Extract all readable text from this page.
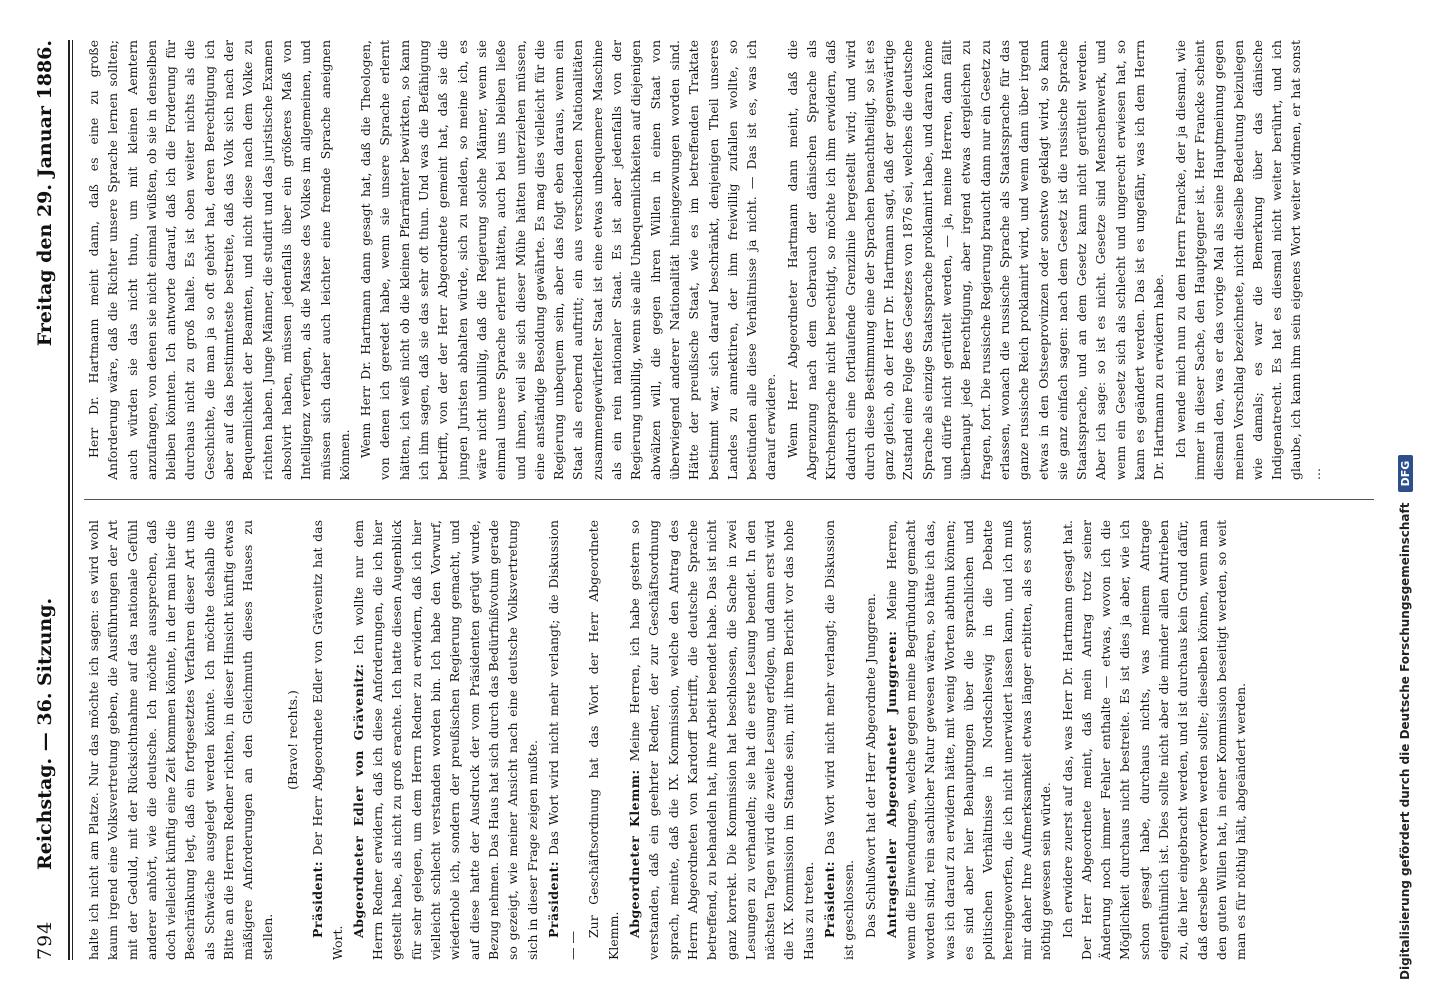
794
Reichstag. — 36. Sitzung.
Freitag den 29. Januar 1886.

halte ich nicht am Platze. Nur das möchte ich sagen: es wird wohl kaum irgend eine Volksvertretung geben, die Ausführungen der Art mit der Geduld, mit der Rücksichtnahme auf das nationale Gefühl anderer anhört, wie die deutsche. Ich möchte aussprechen, daß doch vielleicht künftig eine Zeit kommen könnte, in der man hier die Beschränkung legt, daß ein fortgesetztes Verfahren dieser Art uns als Schwäche ausgelegt werden könnte. Ich möchte deshalb die Bitte an die Herren Redner richten, in dieser Hinsicht künftig etwas mäßigere Anforderungen an den Gleichmuth dieses Hauses zu stellen.

(Bravo! rechts.)

Präsident: Der Herr Abgeordnete Edler von Grävenitz hat das Wort.

Abgeordneter Edler von Grävenitz: Ich wollte nur dem Herrn Redner erwidern, daß ich diese Anforderungen, die ich hier gestellt habe, als nicht zu groß erachte. Ich hatte diesen Augenblick für sehr gelegen, um dem Herrn Redner zu erwidern, daß ich hier vielleicht schlecht verstanden worden bin. Ich habe den Vorwurf, wiederhole ich, sondern der preußischen Regierung gemacht, und auf diese hatte der Ausdruck der vom Präsidenten gerügt wurde, Bezug nehmen. Das Haus hat sich durch das Bedürfnißvotum gerade so gezeigt, wie meiner Ansicht nach eine deutsche Volksvertretung sich in dieser Frage zeigen mußte. Präsident: Das Wort wird nicht mehr verlangt; die Diskussion — —

Zur Geschäftsordnung hat das Wort der Herr Abgeordnete Klemm. Abgeordneter Klemm: Meine Herren, ich habe gestern so verstanden, daß ein geehrter Redner, der zur Geschäftsordnung sprach, meinte, daß die IX. Kommission, welche den Antrag des Herrn Abgeordneten von Kardorff betrifft, die deutsche Sprache betreffend, zu behandeln hat, ihre Arbeit beendet habe. Das ist nicht ganz korrekt. Die Kommission hat beschlossen, die Sache in zwei Lesungen zu verhandeln; sie hat die erste Lesung beendet. In den nächsten Tagen wird die zweite Lesung erfolgen, und dann erst wird die IX. Kommission im Stande sein, mit ihrem Bericht vor das hohe Haus zu treten. Präsident: Das Wort wird nicht mehr verlangt; die Diskussion ist geschlossen. Das Schlußwort hat der Herr Abgeordnete Junggreen. Antragsteller Abgeordneter Junggreen: Meine Herren, wenn die Einwendungen, welche gegen meine Begründung gemacht worden sind, rein sachlicher Natur gewesen wären, so hätte ich das, was ich darauf zu erwidern hätte, mit wenig Worten abthun können; es sind aber hier Behauptungen über die sprachlichen und politischen Verhältnisse in Nordschleswig in die Debatte hereingeworfen, die ich nicht unerwidert lassen kann, und ich muß mir daher Ihre Aufmerksamkeit etwas länger erbitten, als es sonst nöthig gewesen sein würde. Ich erwidere zuerst auf das, was Herr Dr. Hartmann gesagt hat. Der Herr Abgeordnete meint, daß mein Antrag trotz seiner Änderung noch immer Fehler enthalte — etwas, wovon ich die Möglichkeit durchaus nicht bestreite. Es ist dies ja aber, wie ich schon gesagt habe, durchaus nichts, was meinem Antrage eigenthümlich ist. Dies sollte nicht aber die minder allen Antrieben zu, die hier eingebracht werden, und ist durchaus kein Grund dafür, daß derselbe verworfen werden sollte; dieselben können, wenn man den guten Willen hat, in einer Kommission beseitigt werden, so weit man es für nöthig hält, abgeändert werden.

Herr Dr. Hartmann meint dann, daß es eine zu große Anforderung wäre, daß die Richter unsere Sprache lernen sollten; auch würden sie das nicht thun, um mit kleinen Aemtern anzufangen, von denen sie nicht einmal wüßten, ob sie in denselben bleiben könnten. Ich antworte darauf, daß ich die Forderung für durchaus nicht zu groß halte. Es ist oben weiter nichts als die Geschichte, die man ja so oft gehört hat, deren Berechtigung ich aber auf das bestimmteste bestreite, daß das Volk sich nach der Bequemlichkeit der Beamten, und nicht diese nach dem Volke zu richten haben. Junge Männer, die studirt und das juristische Examen absolvirt haben, müssen jedenfalls über ein größeres Maß von Intelligenz verfügen, als die Masse des Volkes im allgemeinen, und müssen sich daher auch leichter eine fremde Sprache aneignen können. Wenn Herr Dr. Hartmann dann gesagt hat, daß die Theologen, von denen ich geredet habe, wenn sie unsere Sprache erlernt hätten, ich weiß nicht ob die kleinen Pfarrämter bewirkten, so kann ich ihm sagen, daß sie das sehr oft thun. Und was die Befähigung betrifft, von der der Herr Abgeordnete gemeint hat, daß sie die jungen Juristen abhalten würde, sich zu melden, so meine ich, es wäre nicht unbillig, daß die Regierung solche Männer, wenn sie einmal unsere Sprache erlernt hätten, auch bei uns bleiben ließe und ihnen, weil sie sich dieser Mühe hätten unterziehen müssen, eine anständige Besoldung gewährte. Es mag dies vielleicht für die Regierung unbequem sein, aber das folgt eben daraus, wenn ein Staat als erobernd auftritt; ein aus verschiedenen Nationalitäten zusammengewürfelter Staat ist eine etwas unbequemere Maschine als ein rein nationaler Staat. Es ist aber jedenfalls von der Regierung unbillig, wenn sie alle Unbequemlichkeiten auf diejenigen abwälzen will, die gegen ihren Willen in einen Staat von überwiegend anderer Nationalität hineingezwungen worden sind. Hätte der preußische Staat, wie es im betreffenden Traktate bestimmt war, sich darauf beschränkt, denjenigen Theil unseres Landes zu annektiren, der ihm freiwillig zufallen wollte, so bestünden alle diese Verhältnisse ja nicht. — Das ist es, was ich darauf erwidere. Wenn Herr Abgeordneter Hartmann dann meint, daß die Abgrenzung nach dem Gebrauch der dänischen Sprache als Kirchensprache nicht berechtigt, so möchte ich ihm erwidern, daß dadurch eine fortlaufende Grenzlinie hergestellt wird; und wird durch diese Bestimmung eine der Sprachen benachtheiligt, so ist es ganz gleich, ob der Herr Dr. Hartmann sagt, daß der gegenwärtige Zustand eine Folge des Gesetzes von 1876 sei, welches die deutsche Sprache als einzige Staatssprache proklamirt habe, und daran könne und dürfe nicht gerüttelt werden, — ja, meine Herren, dann fällt überhaupt jede Berechtigung, aber irgend etwas dergleichen zu fragen, fort. Die russische Regierung braucht dann nur ein Gesetz zu erlassen, wonach die russische Sprache als Staatssprache für das ganze russische Reich proklamirt wird, und wenn dann über irgend etwas in den Ostseeprovinzen oder sonstwo geklagt wird, so kann sie ganz einfach sagen: nach dem Gesetz ist die russische Sprache Staatssprache, und an dem Gesetz kann nicht gerüttelt werden. Aber ich sage: so ist es nicht. Gesetze sind Menschenwerk, und wenn ein Gesetz sich als schlecht und ungerecht erwiesen hat, so kann es geändert werden. Das ist es ungefähr, was ich dem Herrn Dr. Hartmann zu erwidern habe. Ich wende mich nun zu dem Herrn Francke, der ja diesmal, wie immer in dieser Sache, den Hauptgegner ist. Herr Francke scheint diesmal den, was er das vorige Mal als seine Hauptmeinung gegen meinen Vorschlag bezeichnete, nicht dieselbe Bedeutung beizulegen wie damals; es war die Bemerkung über das dänische Indigenatrecht. Es hat es diesmal nicht weiter berührt, und ich glaube, ich kann ihm sein eigenes Wort weiter widmen, er hat sonst ...

Digitalisierung gefördert durch die Deutsche Forschungsgemeinschaft DFG
